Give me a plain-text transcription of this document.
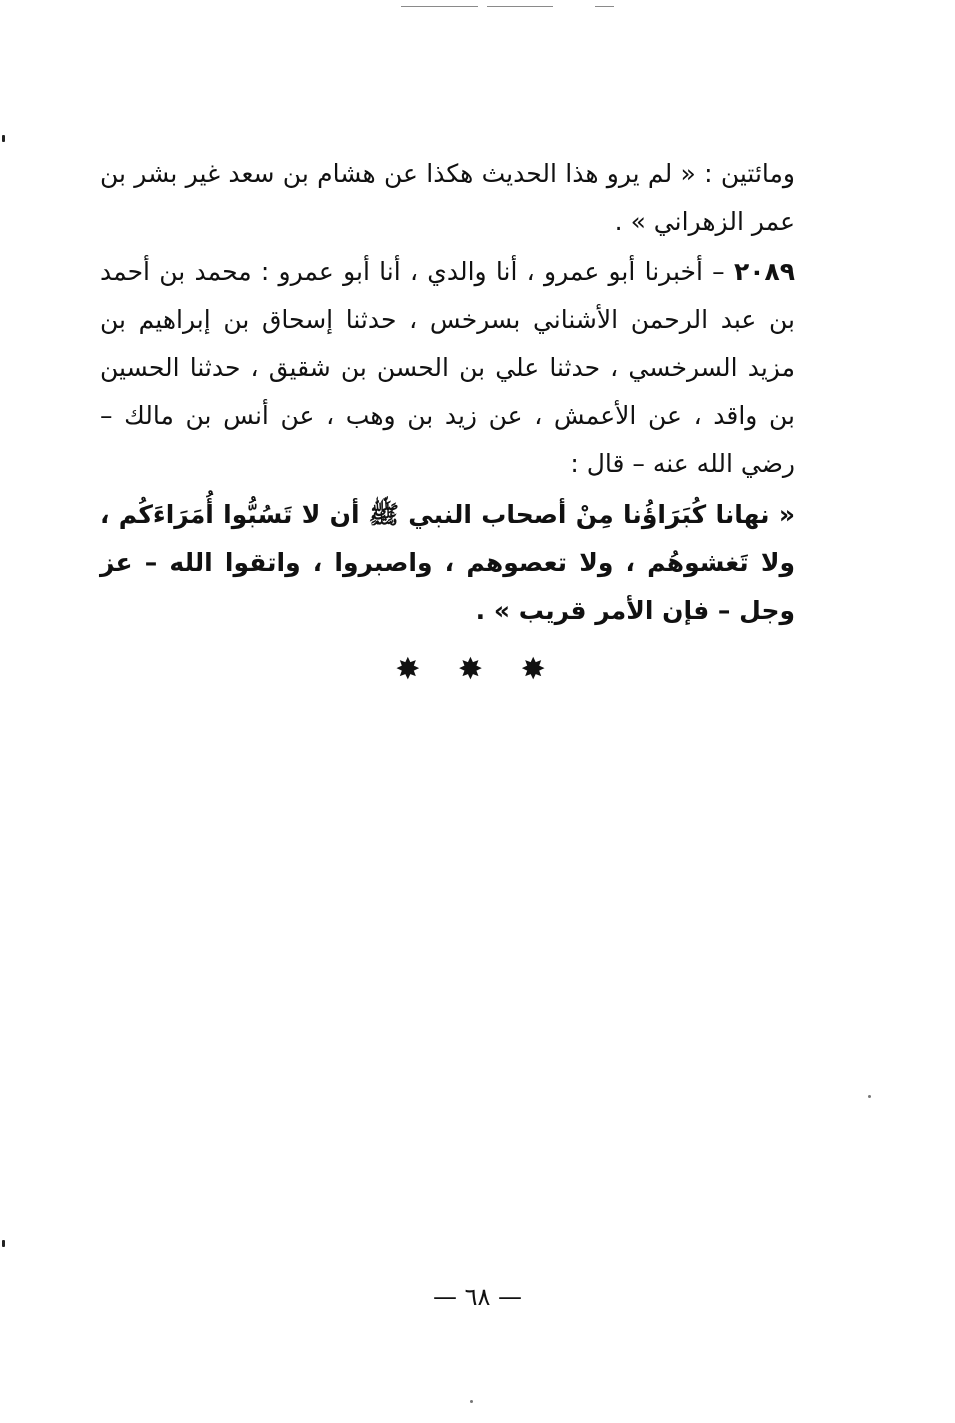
ومائتين : « لم يرو هذا الحديث هكذا عن هشام بن سعد غير بشر بن عمر الزهراني » .

٢٠٨٩ – أخبرنا أبو عمرو ، أنا والدي ، أنا أبو عمرو : محمد بن أحمد بن عبد الرحمن الأشناني بسرخس ، حدثنا إسحاق بن إبراهيم بن مزيد السرخسي ، حدثنا علي بن الحسن بن شقيق ، حدثنا الحسين بن واقد ، عن الأعمش ، عن زيد بن وهب ، عن أنس بن مالك – رضي الله عنه – قال :

« نهانا كُبَرَاؤُنا مِنْ أصحاب النبي ﷺ أن لا تَسُبُّوا أُمَرَاءَكُم ، ولا تَغشوهُم ، ولا تعصوهم ، واصبروا ، واتقوا الله – عز وجل – فإن الأمر قريب » .

✸ ✸ ✸
— ٦٨ —
